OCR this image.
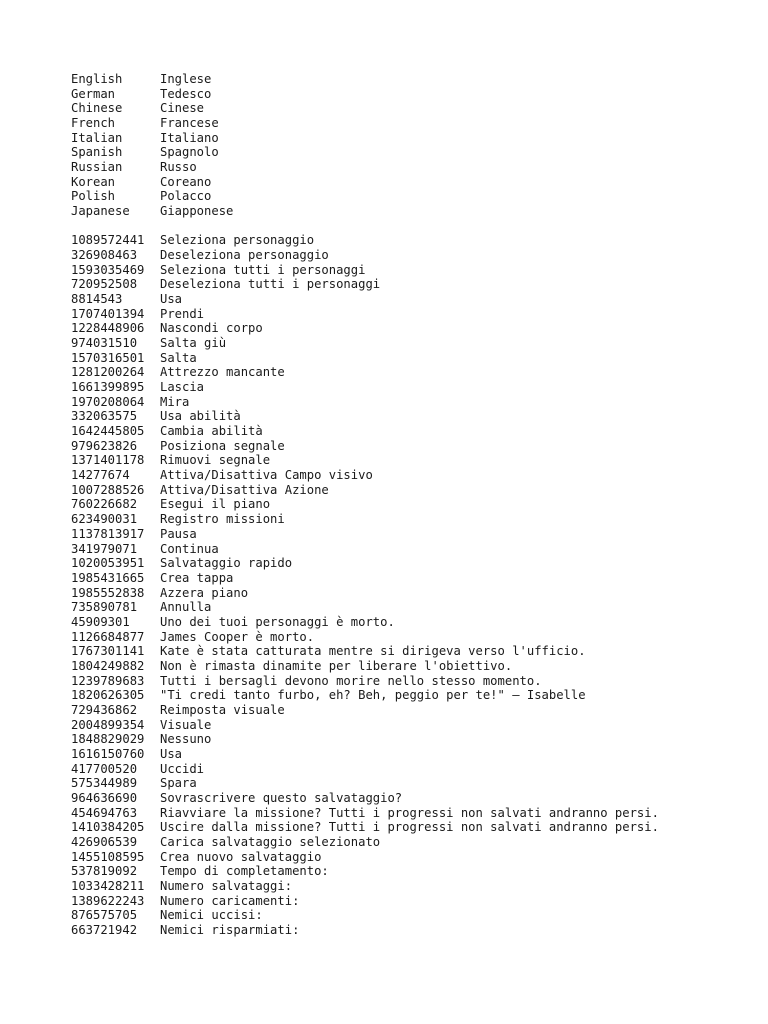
English	Inglese
German	Tedesco
Chinese	Cinese
French	Francese
Italian	Italiano
Spanish	Spagnolo
Russian	Russo
Korean	Coreano
Polish	Polacco
Japanese	Giapponese
1089572441	Seleziona personaggio
326908463	Deseleziona personaggio
1593035469	Seleziona tutti i personaggi
720952508	Deseleziona tutti i personaggi
8814543	Usa
1707401394	Prendi
1228448906	Nascondi corpo
974031510	Salta giù
1570316501	Salta
1281200264	Attrezzo mancante
1661399895	Lascia
1970208064	Mira
332063575	Usa abilità
1642445805	Cambia abilità
979623826	Posiziona segnale
1371401178	Rimuovi segnale
14277674	Attiva/Disattiva Campo visivo
1007288526	Attiva/Disattiva Azione
760226682	Esegui il piano
623490031	Registro missioni
1137813917	Pausa
341979071	Continua
1020053951	Salvataggio rapido
1985431665	Crea tappa
1985552838	Azzera piano
735890781	Annulla
45909301	Uno dei tuoi personaggi è morto.
1126684877	James Cooper è morto.
1767301141	Kate è stata catturata mentre si dirigeva verso l'ufficio.
1804249882	Non è rimasta dinamite per liberare l'obiettivo.
1239789683	Tutti i bersagli devono morire nello stesso momento.
1820626305	"Ti credi tanto furbo, eh? Beh, peggio per te!" – Isabelle
729436862	Reimposta visuale
2004899354	Visuale
1848829029	Nessuno
1616150760	Usa
417700520	Uccidi
575344989	Spara
964636690	Sovrascrivere questo salvataggio?
454694763	Riavviare la missione? Tutti i progressi non salvati andranno persi.
1410384205	Uscire dalla missione? Tutti i progressi non salvati andranno persi.
426906539	Carica salvataggio selezionato
1455108595	Crea nuovo salvataggio
537819092	Tempo di completamento:
1033428211	Numero salvataggi:
1389622243	Numero caricamenti:
876575705	Nemici uccisi:
663721942	Nemici risparmiati:
